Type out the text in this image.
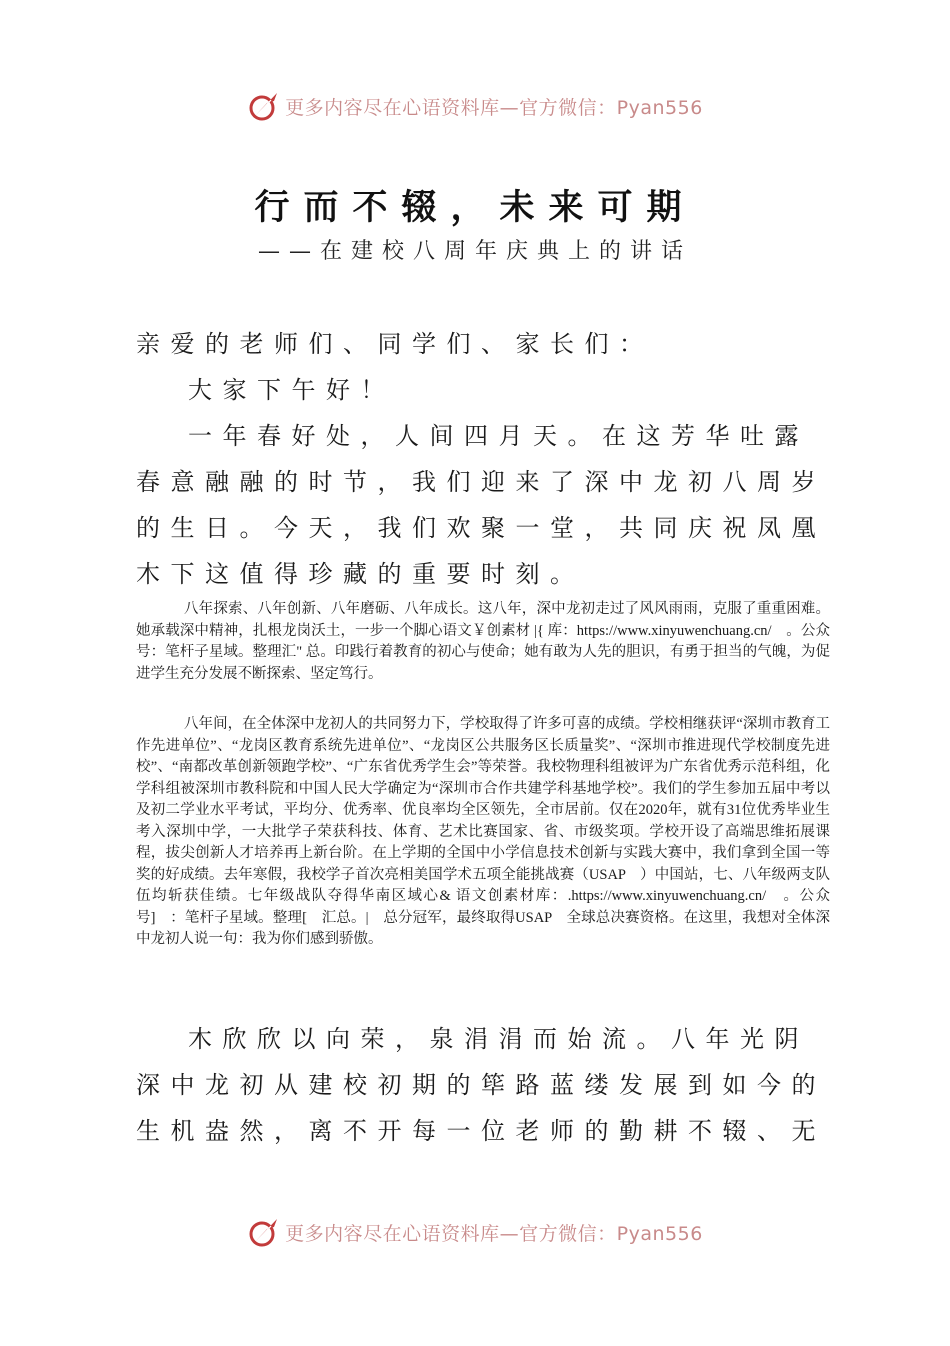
更多内容尽在心语资料库—官方微信：Pyan556
行而不辍，未来可期
——在建校八周年庆典上的讲话

亲爱的老师们、同学们、家长们：

大家下午好！

一年春好处，人间四月天。在这芳华吐露春意融融的时节，我们迎来了深中龙初八周岁的生日。今天，我们欢聚一堂，共同庆祝凤凰木下这值得珍藏的重要时刻。

八年探索、八年创新、八年磨砺、八年成长。这八年，深中龙初走过了风风雨雨，克服了重重困难。她承载深中精神，扎根龙岗沃土，一步一个脚心语文￥创素材 |{ 库：https://www.xinyuwenchuang.cn/　。公众号：笔杆子星域。整理汇" 总。印践行着教育的初心与使命；她有敢为人先的胆识，有勇于担当的气魄，为促进学生充分发展不断探索、坚定笃行。

八年间，在全体深中龙初人的共同努力下，学校取得了许多可喜的成绩。学校相继获评“深圳市教育工作先进单位”、“龙岗区教育系统先进单位”、“龙岗区公共服务区长质量奖”、“深圳市推进现代学校制度先进校”、“南都改革创新领跑学校”、“广东省优秀学生会”等荣誉。我校物理科组被评为广东省优秀示范科组，化学科组被深圳市教科院和中国人民大学确定为“深圳市合作共建学科基地学校”。我们的学生参加五届中考以及初二学业水平考试，平均分、优秀率、优良率均全区领先，全市居前。仅在2020年，就有31位优秀毕业生考入深圳中学，一大批学子荣获科技、体育、艺术比赛国家、省、市级奖项。学校开设了高端思维拓展课程，拔尖创新人才培养再上新台阶。在上学期的全国中小学信息技术创新与实践大赛中，我们拿到全国一等奖的好成绩。去年寒假，我校学子首次亮相美国学术五项全能挑战赛（USAP　）中国站，七、八年级两支队伍均斩获佳绩。七年级战队夺得华南区域心& 语文创素材库：.https://www.xinyuwenchuang.cn/　。公众号]　：笔杆子星域。整理[　汇总。|　总分冠军，最终取得USAP　全球总决赛资格。在这里，我想对全体深中龙初人说一句：我为你们感到骄傲。

木欣欣以向荣，泉涓涓而始流。八年光阴深中龙初从建校初期的筚路蓝缕发展到如今的生机盎然，离不开每一位老师的勤耕不辍、无

更多内容尽在心语资料库—官方微信：Pyan556
